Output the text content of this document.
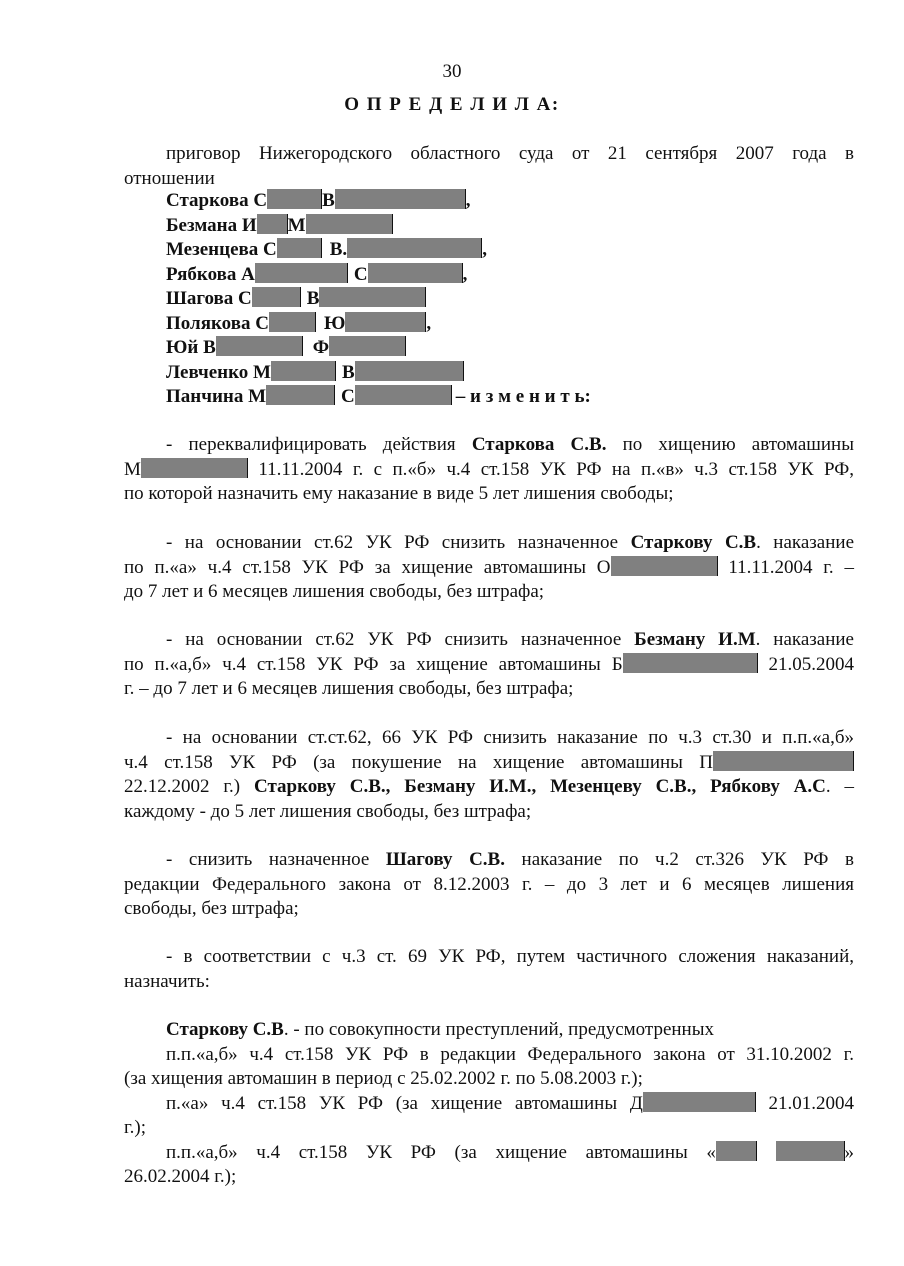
30
О П Р Е Д Е Л И Л А:
приговор Нижегородского областного суда от 21 сентября 2007 года в
отношении
Старкова С	В	,
Безмана И М
Мезенцева С	В.	,
Рябкова А	С	,
Шагова С	В
Полякова С	Ю	,
Юй В	Ф
Левченко М	В
Панчина М	С	– и з м е н и т ь:
- переквалифицировать действия Старкова С.В. по хищению автомашины
М	11.11.2004 г. с п.«б» ч.4 ст.158 УК РФ на п.«в» ч.3 ст.158 УК РФ,
по которой назначить ему наказание в виде 5 лет лишения свободы;
- на основании ст.62 УК РФ снизить назначенное Старкову С.В. наказание
по п.«а» ч.4 ст.158 УК РФ за хищение автомашины О	11.11.2004 г. –
до 7 лет и 6 месяцев лишения свободы, без штрафа;
- на основании ст.62 УК РФ снизить назначенное Безману И.М. наказание
по п.«а,б» ч.4 ст.158 УК РФ за хищение автомашины Б	21.05.2004
г. – до 7 лет и 6 месяцев лишения свободы, без штрафа;
- на основании ст.ст.62, 66 УК РФ снизить наказание по ч.3 ст.30 и п.п.«а,б»
ч.4 ст.158 УК РФ (за покушение на хищение автомашины П
22.12.2002 г.) Старкову С.В., Безману И.М., Мезенцеву С.В., Рябкову А.С. –
каждому - до 5 лет лишения свободы, без штрафа;
- снизить назначенное Шагову С.В. наказание по ч.2 ст.326 УК РФ в
редакции Федерального закона от 8.12.2003 г. – до 3 лет и 6 месяцев лишения
свободы, без штрафа;
- в соответствии с ч.3 ст. 69 УК РФ, путем частичного сложения наказаний,
назначить:
Старкову С.В. - по совокупности преступлений, предусмотренных
п.п.«а,б» ч.4 ст.158 УК РФ в редакции Федерального закона от 31.10.2002 г.
(за хищения автомашин в период с 25.02.2002 г. по 5.08.2003 г.);
п.«а» ч.4 ст.158 УК РФ (за хищение автомашины Д	21.01.2004
г.);
п.п.«а,б» ч.4 ст.158 УК РФ (за хищение автомашины «	»
26.02.2004 г.);
